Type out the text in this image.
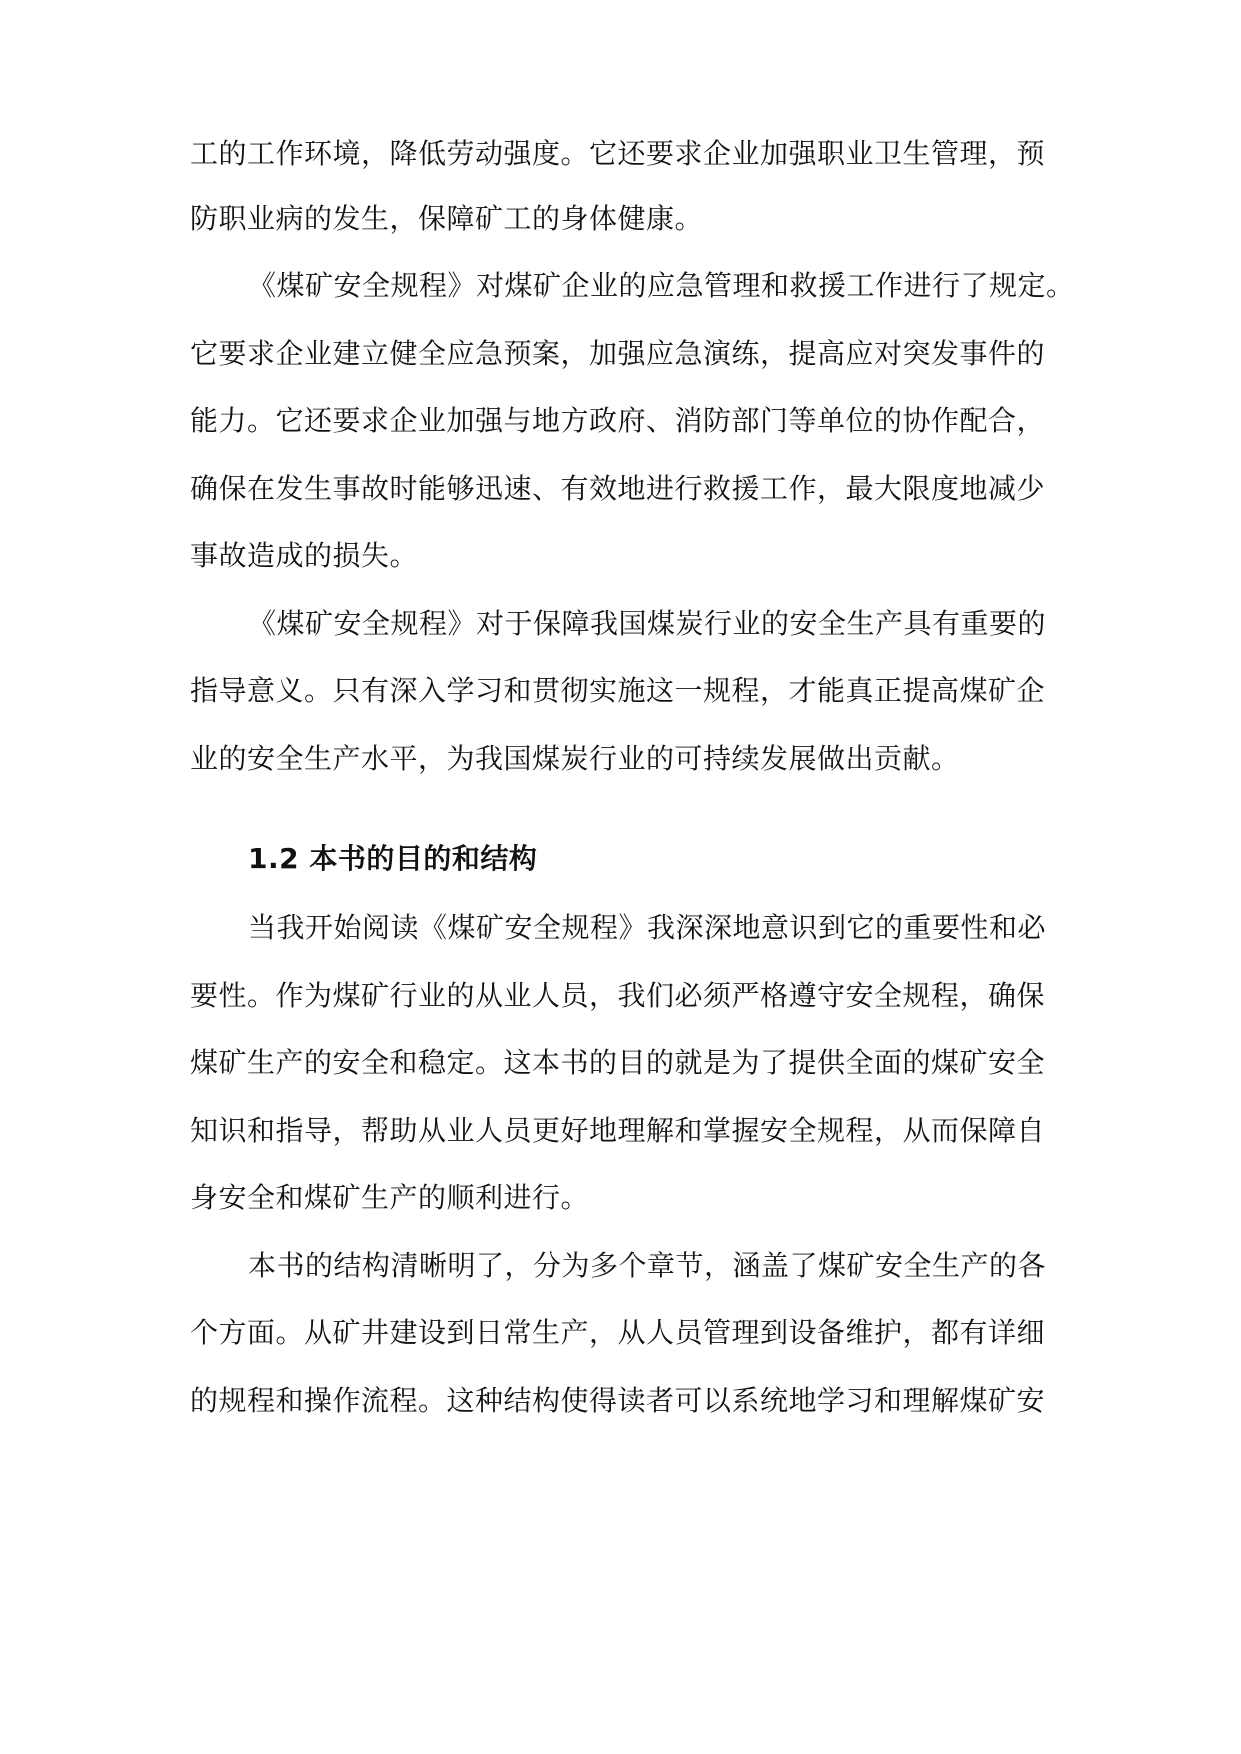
工的工作环境，降低劳动强度。它还要求企业加强职业卫生管理，预
防职业病的发生，保障矿工的身体健康。
《煤矿安全规程》对煤矿企业的应急管理和救援工作进行了规定。
它要求企业建立健全应急预案，加强应急演练，提高应对突发事件的
能力。它还要求企业加强与地方政府、消防部门等单位的协作配合，
确保在发生事故时能够迅速、有效地进行救援工作，最大限度地减少
事故造成的损失。
《煤矿安全规程》对于保障我国煤炭行业的安全生产具有重要的
指导意义。只有深入学习和贯彻实施这一规程，才能真正提高煤矿企
业的安全生产水平，为我国煤炭行业的可持续发展做出贡献。
1.2 本书的目的和结构
当我开始阅读《煤矿安全规程》我深深地意识到它的重要性和必
要性。作为煤矿行业的从业人员，我们必须严格遵守安全规程，确保
煤矿生产的安全和稳定。这本书的目的就是为了提供全面的煤矿安全
知识和指导，帮助从业人员更好地理解和掌握安全规程，从而保障自
身安全和煤矿生产的顺利进行。
本书的结构清晰明了，分为多个章节，涵盖了煤矿安全生产的各
个方面。从矿井建设到日常生产，从人员管理到设备维护，都有详细
的规程和操作流程。这种结构使得读者可以系统地学习和理解煤矿安
